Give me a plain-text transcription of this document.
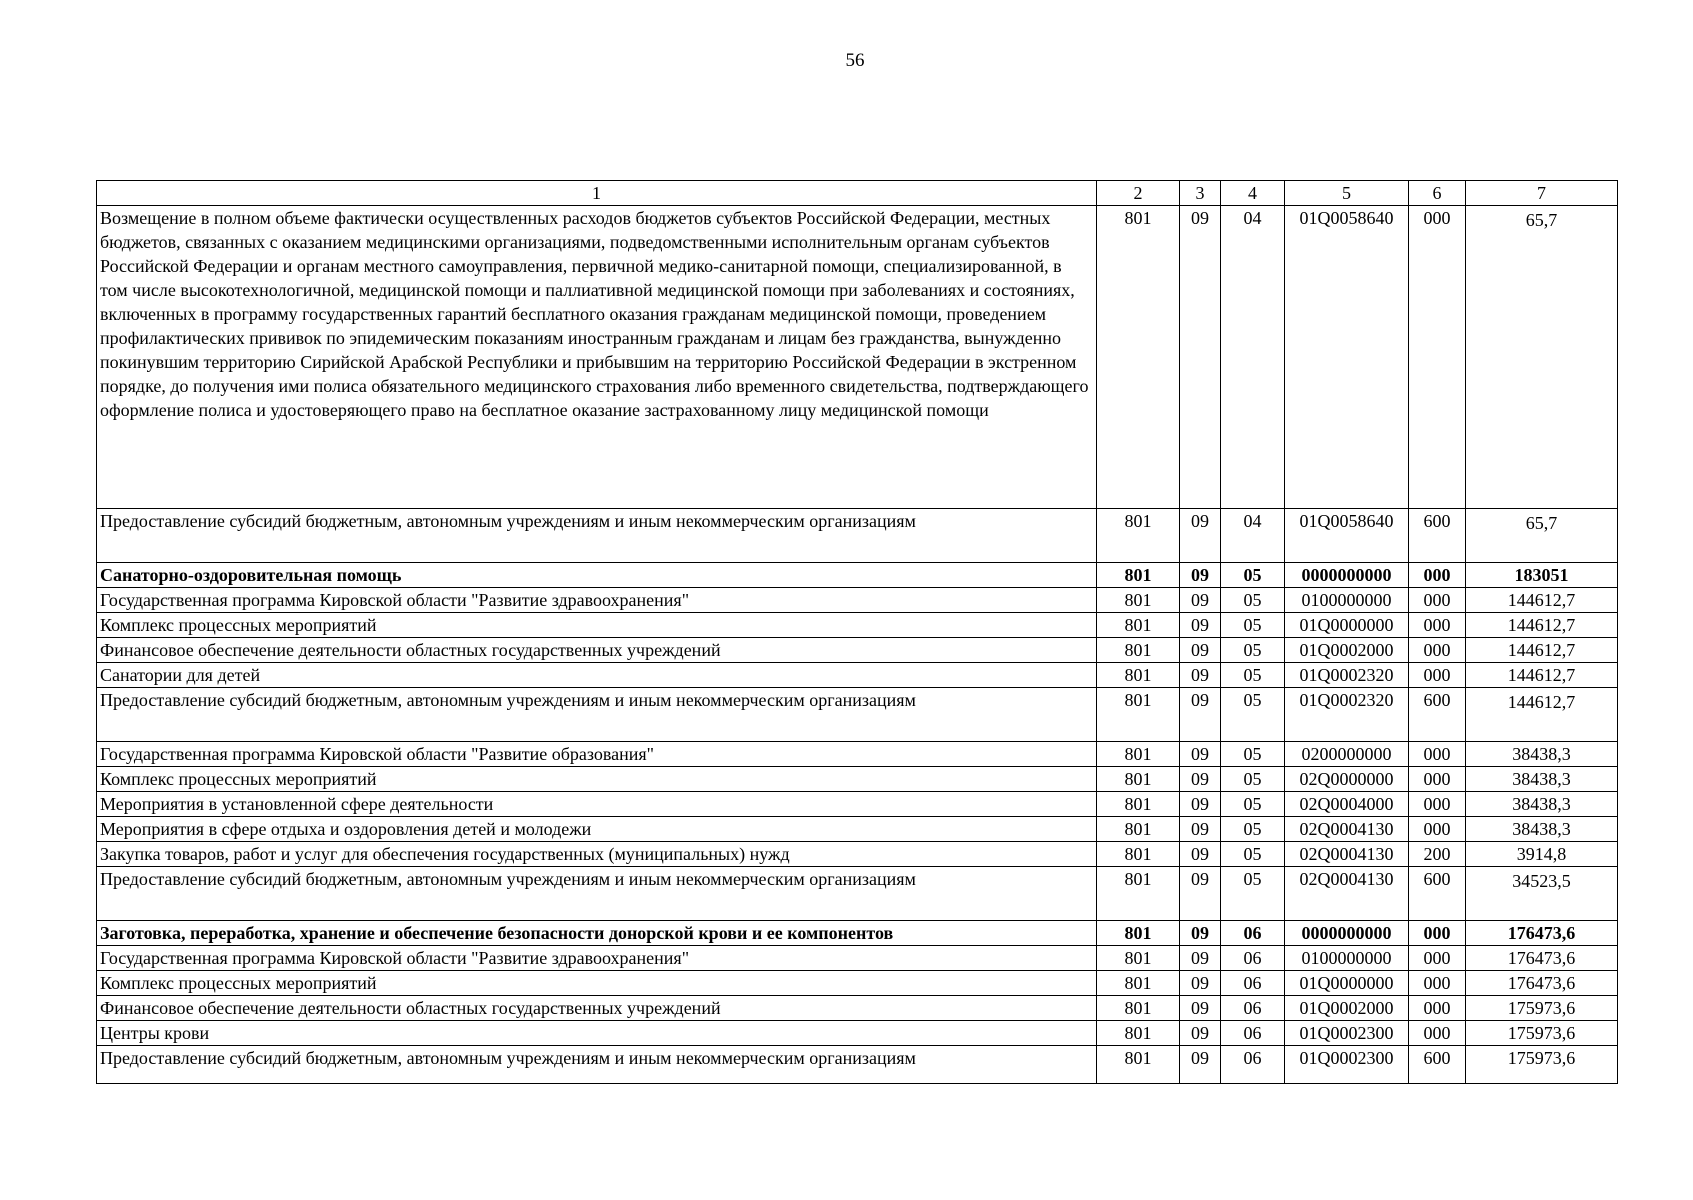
56
1	2	3	4	5	6	7
Возмещение в полном объеме фактически осуществленных расходов бюджетов субъектов Российской Федерации, местных бюджетов, связанных с оказанием медицинскими организациями, подведомственными исполнительным органам субъектов Российской Федерации и органам местного самоуправления, первичной медико-санитарной помощи, специализированной, в том числе высокотехнологичной, медицинской помощи и паллиативной медицинской помощи при заболеваниях и состояниях, включенных в программу государственных гарантий бесплатного оказания гражданам медицинской помощи, проведением профилактических прививок по эпидемическим показаниям иностранным гражданам и лицам без гражданства, вынужденно покинувшим территорию Сирийской Арабской Республики и прибывшим на территорию Российской Федерации в экстренном порядке, до получения ими полиса обязательного медицинского страхования либо временного свидетельства, подтверждающего оформление полиса и удостоверяющего право на бесплатное оказание застрахованному лицу медицинской помощи	801	09	04	01Q0058640	000	65,7
Предоставление субсидий бюджетным, автономным учреждениям и иным некоммерческим организациям	801	09	04	01Q0058640	600	65,7
Санаторно-оздоровительная помощь	801	09	05	0000000000	000	183051
Государственная программа Кировской области "Развитие здравоохранения"	801	09	05	0100000000	000	144612,7
Комплекс процессных мероприятий	801	09	05	01Q0000000	000	144612,7
Финансовое обеспечение деятельности областных государственных учреждений	801	09	05	01Q0002000	000	144612,7
Санатории для детей	801	09	05	01Q0002320	000	144612,7
Предоставление субсидий бюджетным, автономным учреждениям и иным некоммерческим организациям	801	09	05	01Q0002320	600	144612,7
Государственная программа Кировской области "Развитие образования"	801	09	05	0200000000	000	38438,3
Комплекс процессных мероприятий	801	09	05	02Q0000000	000	38438,3
Мероприятия в установленной сфере деятельности	801	09	05	02Q0004000	000	38438,3
Мероприятия в сфере отдыха и оздоровления детей и молодежи	801	09	05	02Q0004130	000	38438,3
Закупка товаров, работ и услуг для обеспечения государственных (муниципальных) нужд	801	09	05	02Q0004130	200	3914,8
Предоставление субсидий бюджетным, автономным учреждениям и иным некоммерческим организациям	801	09	05	02Q0004130	600	34523,5
Заготовка, переработка, хранение и обеспечение безопасности донорской крови и ее компонентов	801	09	06	0000000000	000	176473,6
Государственная программа Кировской области "Развитие здравоохранения"	801	09	06	0100000000	000	176473,6
Комплекс процессных мероприятий	801	09	06	01Q0000000	000	176473,6
Финансовое обеспечение деятельности областных государственных учреждений	801	09	06	01Q0002000	000	175973,6
Центры крови	801	09	06	01Q0002300	000	175973,6
Предоставление субсидий бюджетным, автономным учреждениям и иным некоммерческим организациям	801	09	06	01Q0002300	600	175973,6
